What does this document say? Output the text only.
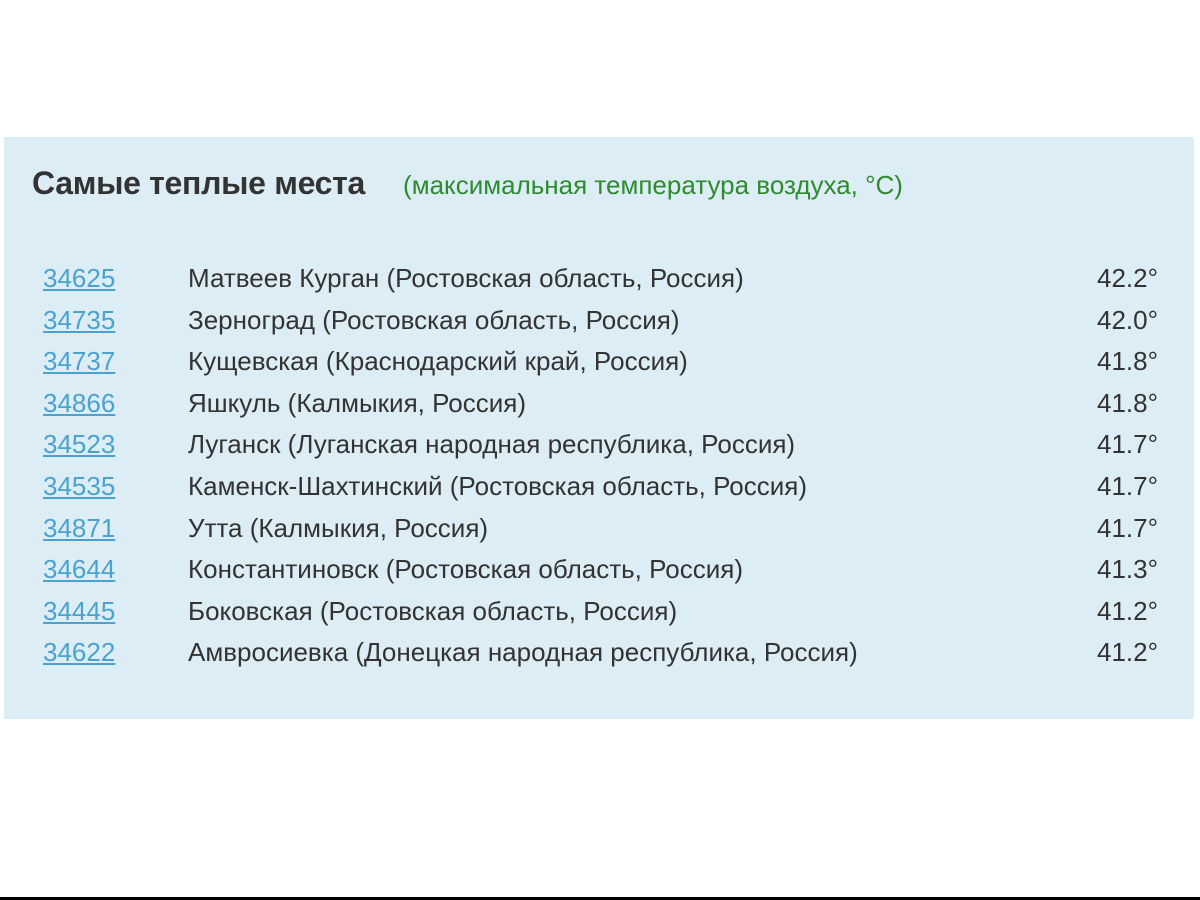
Самые теплые места (максимальная температура воздуха, °С)
34625	Матвеев Курган (Ростовская область, Россия)	42.2°
34735	Зерноград (Ростовская область, Россия)	42.0°
34737	Кущевская (Краснодарский край, Россия)	41.8°
34866	Яшкуль (Калмыкия, Россия)	41.8°
34523	Луганск (Луганская народная республика, Россия)	41.7°
34535	Каменск-Шахтинский (Ростовская область, Россия)	41.7°
34871	Утта (Калмыкия, Россия)	41.7°
34644	Константиновск (Ростовская область, Россия)	41.3°
34445	Боковская (Ростовская область, Россия)	41.2°
34622	Амвросиевка (Донецкая народная республика, Россия)	41.2°
